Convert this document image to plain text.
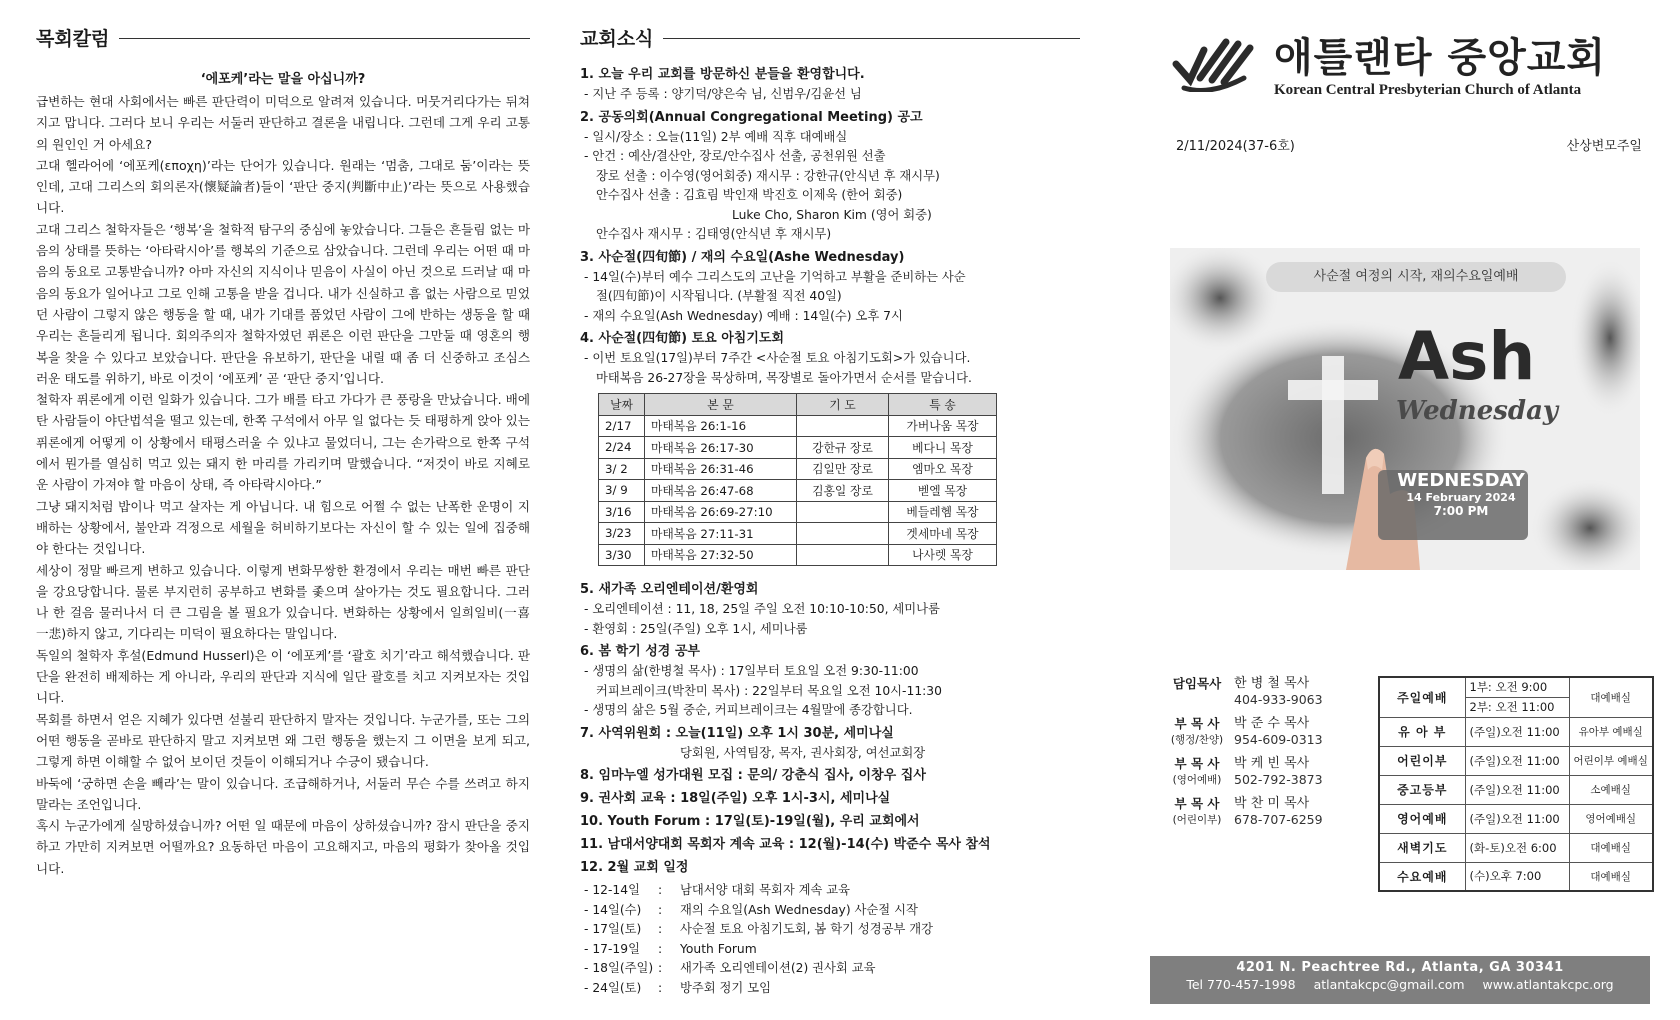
목회칼럼
‘에포케’라는 말을 아십니까?

급변하는 현대 사회에서는 빠른 판단력이 미덕으로 알려져 있습니다. 머뭇거리다가는 뒤쳐지고 맙니다. 그러다 보니 우리는 서둘러 판단하고 결론을 내립니다. 그런데 그게 우리 고통의 원인인 거 아세요?

고대 헬라어에 ‘에포케(εποχη)’라는 단어가 있습니다. 원래는 ‘멈춤, 그대로 둠’이라는 뜻인데, 고대 그리스의 회의론자(懷疑論者)들이 ‘판단 중지(判斷中止)’라는 뜻으로 사용했습니다.

고대 그리스 철학자들은 ‘행복’을 철학적 탐구의 중심에 놓았습니다. 그들은 흔들림 없는 마음의 상태를 뜻하는 ‘아타락시아’를 행복의 기준으로 삼았습니다. 그런데 우리는 어떤 때 마음의 동요로 고통받습니까? 아마 자신의 지식이나 믿음이 사실이 아닌 것으로 드러날 때 마음의 동요가 일어나고 그로 인해 고통을 받을 겁니다. 내가 신실하고 흠 없는 사람으로 믿었던 사람이 그렇지 않은 행동을 할 때, 내가 기대를 품었던 사람이 그에 반하는 생동을 할 때 우리는 흔들리게 됩니다. 회의주의자 철학자였던 퓌론은 이런 판단을 그만둘 때 영혼의 행복을 찾을 수 있다고 보았습니다. 판단을 유보하기, 판단을 내릴 때 좀 더 신중하고 조심스러운 태도를 위하기, 바로 이것이 ‘에포케’ 곧 ‘판단 중지’입니다.

철학자 퓌론에게 이런 일화가 있습니다. 그가 배를 타고 가다가 큰 풍랑을 만났습니다. 배에 탄 사람들이 야단법석을 떨고 있는데, 한쪽 구석에서 아무 일 없다는 듯 태평하게 앉아 있는 퓌론에게 어떻게 이 상황에서 태평스러울 수 있냐고 물었더니, 그는 손가락으로 한쪽 구석에서 뭔가를 열심히 먹고 있는 돼지 한 마리를 가리키며 말했습니다. “저것이 바로 지혜로운 사람이 가져야 할 마음이 상태, 즉 아타락시아다.”

그냥 돼지처럼 밥이나 먹고 살자는 게 아닙니다. 내 힘으로 어쩔 수 없는 난폭한 운명이 지배하는 상황에서, 불안과 걱정으로 세월을 허비하기보다는 자신이 할 수 있는 일에 집중해야 한다는 것입니다.

세상이 정말 빠르게 변하고 있습니다. 이렇게 변화무쌍한 환경에서 우리는 매번 빠른 판단을 강요당합니다. 물론 부지런히 공부하고 변화를 좇으며 살아가는 것도 필요합니다. 그러나 한 걸음 물러나서 더 큰 그림을 볼 필요가 있습니다. 변화하는 상황에서 일희일비(一喜一悲)하지 않고, 기다리는 미덕이 필요하다는 말입니다.

독일의 철학자 후설(Edmund Husserl)은 이 ‘에포케’를 ‘괄호 치기’라고 해석했습니다. 판단을 완전히 배제하는 게 아니라, 우리의 판단과 지식에 일단 괄호를 치고 지켜보자는 것입니다.

목회를 하면서 얻은 지혜가 있다면 섣불리 판단하지 말자는 것입니다. 누군가를, 또는 그의 어떤 행동을 곧바로 판단하지 말고 지켜보면 왜 그런 행동을 했는지 그 이면을 보게 되고, 그렇게 하면 이해할 수 없어 보이던 것들이 이해되거나 수긍이 됐습니다.

바둑에 ‘궁하면 손을 빼라’는 말이 있습니다. 조급해하거나, 서둘러 무슨 수를 쓰려고 하지 말라는 조언입니다.

혹시 누군가에게 실망하셨습니까? 어떤 일 때문에 마음이 상하셨습니까? 잠시 판단을 중지하고 가만히 지켜보면 어떨까요? 요동하던 마음이 고요해지고, 마음의 평화가 찾아올 것입니다.

교회소식
1. 오늘 우리 교회를 방문하신 분들을 환영합니다.
- 지난 주 등록 : 양기덕/양은숙 님, 신범우/김윤선 님
2. 공동의회(Annual Congregational Meeting) 공고
- 일시/장소 : 오늘(11일) 2부 예배 직후 대예배실
- 안건 : 예산/결산안, 장로/안수집사 선출, 공천위원 선출
장로 선출 : 이수영(영어회중) 재시무 : 강한규(안식년 후 재시무)
안수집사 선출 : 김효림 박인재 박진호 이제욱 (한어 회중)
Luke Cho, Sharon Kim (영어 회중)
안수집사 재시무 : 김태영(안식년 후 재시무)
3. 사순절(四旬節) / 재의 수요일(Ashe Wednesday)
- 14일(수)부터 예수 그리스도의 고난을 기억하고 부활을 준비하는 사순
절(四旬節)이 시작됩니다. (부활절 직전 40일)
- 재의 수요일(Ash Wednesday) 예배 : 14일(수) 오후 7시
4. 사순절(四旬節) 토요 아침기도회
- 이번 토요일(17일)부터 7주간 <사순절 토요 아침기도회>가 있습니다.
마태복음 26-27장을 묵상하며, 목장별로 돌아가면서 순서를 맡습니다.
날짜	본 문	기 도	특 송
2/17	마태복음 26:1-16		가버나움 목장
2/24	마태복음 26:17-30	강한규 장로	베다니 목장
3/ 2	마태복음 26:31-46	김일만 장로	엠마오 목장
3/ 9	마태복음 26:47-68	김홍일 장로	벧엘 목장
3/16	마태복음 26:69-27:10		베들레헴 목장
3/23	마태복음 27:11-31		겟세마네 목장
3/30	마태복음 27:32-50		나사렛 목장
5. 새가족 오리엔테이션/환영회
- 오리엔테이션 : 11, 18, 25일 주일 오전 10:10-10:50, 세미나룸
- 환영회 : 25일(주일) 오후 1시, 세미나룸
6. 봄 학기 성경 공부
- 생명의 삶(한병철 목사) : 17일부터 토요일 오전 9:30-11:00
커피브레이크(박찬미 목사) : 22일부터 목요일 오전 10시-11:30
- 생명의 삶은 5월 중순, 커피브레이크는 4월말에 종강합니다.
7. 사역위원회 : 오늘(11일) 오후 1시 30분, 세미나실
당회원, 사역팀장, 목자, 권사회장, 여선교회장
8. 임마누엘 성가대원 모집 : 문의/ 강춘식 집사, 이창우 집사
9. 권사회 교육 : 18일(주일) 오후 1시-3시, 세미나실
10. Youth Forum : 17일(토)-19일(월), 우리 교회에서
11. 남대서양대회 목회자 계속 교육 : 12(월)-14(수) 박준수 목사 참석
12. 2월 교회 일정
- 12-14일	:	남대서양 대회 목회자 계속 교육
- 14일(수)	:	재의 수요일(Ash Wednesday) 사순절 시작
- 17일(토)	:	사순절 토요 아침기도회, 봄 학기 성경공부 개강
- 17-19일	:	Youth Forum
- 18일(주일) :	새가족 오리엔테이션(2) 권사회 교육
- 24일(토)	:	방주회 정기 모임
애틀랜타 중앙교회
Korean Central Presbyterian Church of Atlanta
2/11/2024(37-6호)	산상변모주일
사순절 여정의 시작, 재의수요일예배
Ash
Wednesday
WEDNESDAY
14 February 2024
7:00 PM
담임목사 한 병 철 목사
404-933-9063
부 목 사
(행정/찬양)
박 준 수 목사
954-609-0313
부 목 사
(영어예배)
박 케 빈 목사
502-792-3873
부 목 사
(어린이부)
박 찬 미 목사
678-707-6259
주일예배	1부: 오전 9:00	대예배실
	2부: 오전 11:00	
유 아 부	(주일)오전 11:00	유아부 예배실
어린이부	(주일)오전 11:00	어린이부 예배실
중고등부	(주일)오전 11:00	소예배실
영어예배	(주일)오전 11:00	영어예배실
새벽기도	(화-토)오전 6:00	대예배실
수요예배	(수)오후 7:00	대예배실
4201 N. Peachtree Rd., Atlanta, GA 30341
Tel 770-457-1998 atlantakcpc@gmail.com www.atlantakcpc.org
